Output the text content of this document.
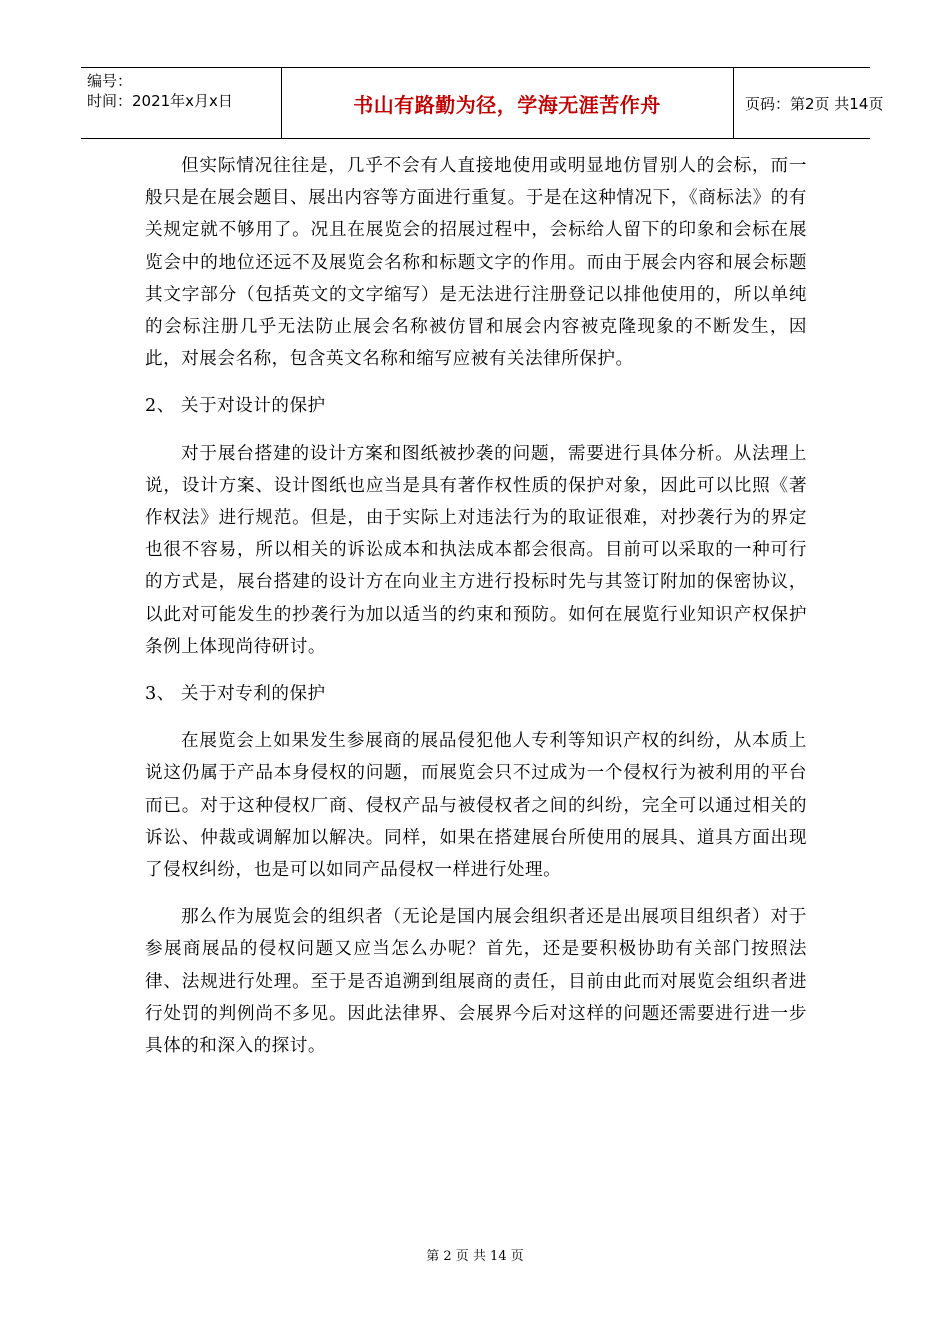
编号：
时间：2021年x月x日	书山有路勤为径，学海无涯苦作舟	页码：第2页 共14页

但实际情况往往是，几乎不会有人直接地使用或明显地仿冒别人的会标，而一般只是在展会题目、展出内容等方面进行重复。于是在这种情况下，《商标法》的有关规定就不够用了。况且在展览会的招展过程中，会标给人留下的印象和会标在展览会中的地位还远不及展览会名称和标题文字的作用。而由于展会内容和展会标题其文字部分（包括英文的文字缩写）是无法进行注册登记以排他使用的，所以单纯的会标注册几乎无法防止展会名称被仿冒和展会内容被克隆现象的不断发生，因此，对展会名称，包含英文名称和缩写应被有关法律所保护。

2、 关于对设计的保护

对于展台搭建的设计方案和图纸被抄袭的问题，需要进行具体分析。从法理上说，设计方案、设计图纸也应当是具有著作权性质的保护对象，因此可以比照《著作权法》进行规范。但是，由于实际上对违法行为的取证很难，对抄袭行为的界定也很不容易，所以相关的诉讼成本和执法成本都会很高。目前可以采取的一种可行的方式是，展台搭建的设计方在向业主方进行投标时先与其签订附加的保密协议，以此对可能发生的抄袭行为加以适当的约束和预防。如何在展览行业知识产权保护条例上体现尚待研讨。

3、 关于对专利的保护

在展览会上如果发生参展商的展品侵犯他人专利等知识产权的纠纷，从本质上说这仍属于产品本身侵权的问题，而展览会只不过成为一个侵权行为被利用的平台而已。对于这种侵权厂商、侵权产品与被侵权者之间的纠纷，完全可以通过相关的诉讼、仲裁或调解加以解决。同样，如果在搭建展台所使用的展具、道具方面出现了侵权纠纷，也是可以如同产品侵权一样进行处理。

那么作为展览会的组织者（无论是国内展会组织者还是出展项目组织者）对于参展商展品的侵权问题又应当怎么办呢？首先，还是要积极协助有关部门按照法律、法规进行处理。至于是否追溯到组展商的责任，目前由此而对展览会组织者进行处罚的判例尚不多见。因此法律界、会展界今后对这样的问题还需要进行进一步具体的和深入的探讨。

第 2 页 共 14 页
